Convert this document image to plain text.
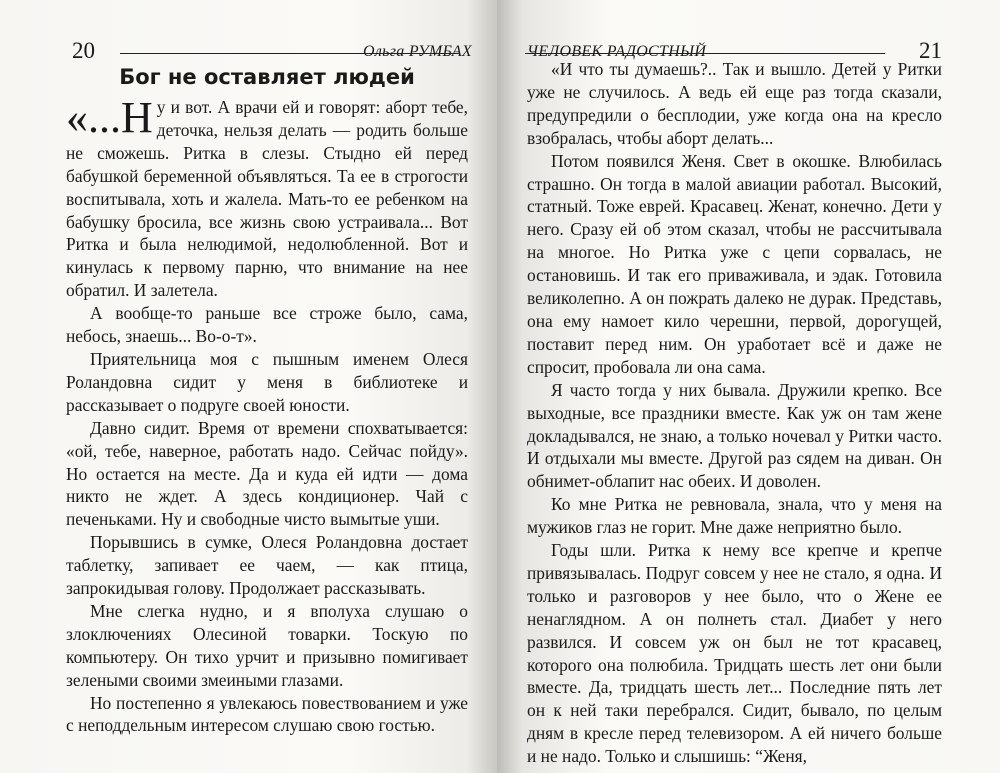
20	Ольга РУМБАХ
Бог не оставляет людей

«...Н у и вот. А врачи ей и говорят: аборт тебе, деточка, нельзя делать — родить больше не сможешь. Ритка в слезы. Стыдно ей перед бабушкой беременной объявляться. Та ее в строгости воспитывала, хоть и жалела. Мать-то ее ребенком на бабушку бросила, все жизнь свою устраивала... Вот Ритка и была нелюдимой, недолюбленной. Вот и кинулась к первому парню, что внимание на нее обратил. И залетела.

А вообще-то раньше все строже было, сама, небось, знаешь... Во-о-т».

Приятельница моя с пышным именем Олеся Роландовна сидит у меня в библиотеке и рассказывает о подруге своей юности.

Давно сидит. Время от времени спохватывается: «ой, тебе, наверное, работать надо. Сейчас пойду». Но остается на месте. Да и куда ей идти — дома никто не ждет. А здесь кондиционер. Чай с печеньками. Ну и свободные чисто вымытые уши.

Порывшись в сумке, Олеся Роландовна достает таблетку, запивает ее чаем, — как птица, запрокидывая голову. Продолжает рассказывать.

Мне слегка нудно, и я вполуха слушаю о злоключениях Олесиной товарки. Тоскую по компьютеру. Он тихо урчит и призывно помигивает зелеными своими змеиными глазами.

Но постепенно я увлекаюсь повествованием и уже с неподдельным интересом слушаю свою гостью.

ЧЕЛОВЕК РАДОСТНЫЙ	21

«И что ты думаешь?.. Так и вышло. Детей у Ритки уже не случилось. А ведь ей еще раз тогда сказали, предупредили о бесплодии, уже когда она на кресло взобралась, чтобы аборт делать...

Потом появился Женя. Свет в окошке. Влюбилась страшно. Он тогда в малой авиации работал. Высокий, статный. Тоже еврей. Красавец. Женат, конечно. Дети у него. Сразу ей об этом сказал, чтобы не рассчитывала на многое. Но Ритка уже с цепи сорвалась, не остановишь. И так его приваживала, и эдак. Готовила великолепно. А он пожрать далеко не дурак. Представь, она ему намоет кило черешни, первой, дорогущей, поставит перед ним. Он уработает всё и даже не спросит, пробовала ли она сама.

Я часто тогда у них бывала. Дружили крепко. Все выходные, все праздники вместе. Как уж он там жене докладывался, не знаю, а только ночевал у Ритки часто. И отдыхали мы вместе. Другой раз сядем на диван. Он обнимет-облапит нас обеих. И доволен.

Ко мне Ритка не ревновала, знала, что у меня на мужиков глаз не горит. Мне даже неприятно было.

Годы шли. Ритка к нему все крепче и крепче привязывалась. Подруг совсем у нее не стало, я одна. И только и разговоров у нее было, что о Жене ее ненаглядном. А он полнеть стал. Диабет у него развился. И совсем уж он был не тот красавец, которого она полюбила. Тридцать шесть лет они были вместе. Да, тридцать шесть лет... Последние пять лет он к ней таки перебрался. Сидит, бывало, по целым дням в кресле перед телевизором. А ей ничего больше и не надо. Только и слышишь: “Женя,
